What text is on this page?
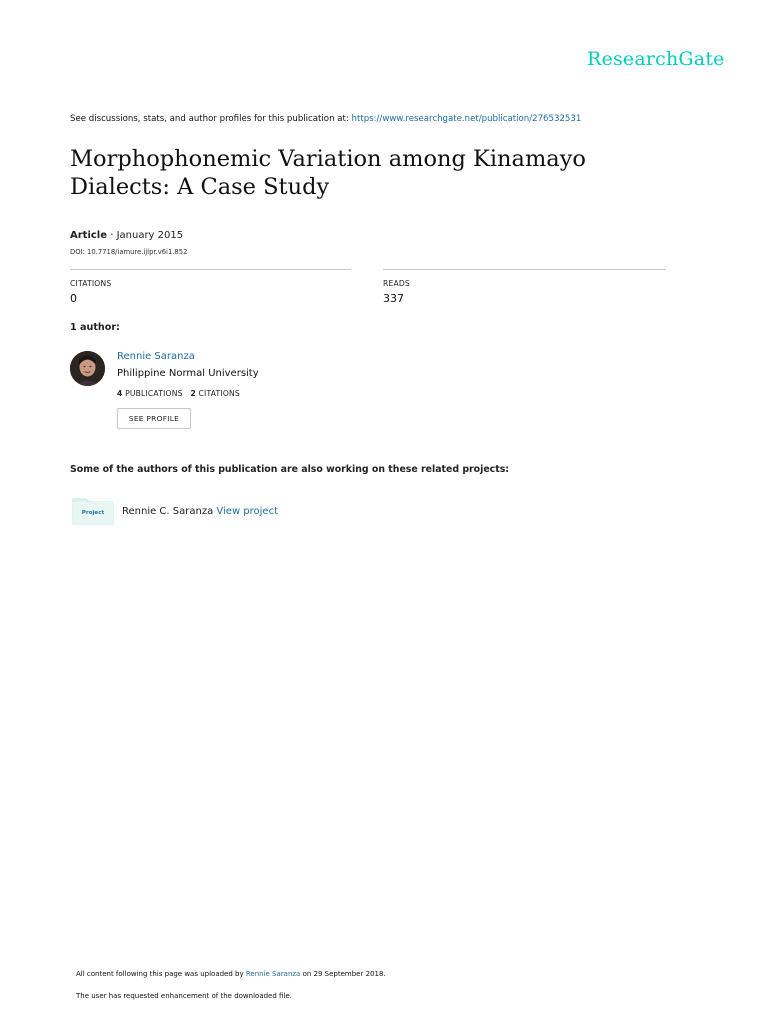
ResearchGate
See discussions, stats, and author profiles for this publication at: https://www.researchgate.net/publication/276532531
Morphophonemic Variation among Kinamayo
Dialects: A Case Study
Article · January 2015
DOI: 10.7718/iamure.ijlpr.v6i1.852
CITATIONS
0
READS
337
1 author:
Rennie Saranza
Philippine Normal University
4 PUBLICATIONS 2 CITATIONS
SEE PROFILE
Some of the authors of this publication are also working on these related projects:
Project	Rennie C. Saranza View project
All content following this page was uploaded by Rennie Saranza on 29 September 2018.
The user has requested enhancement of the downloaded file.
